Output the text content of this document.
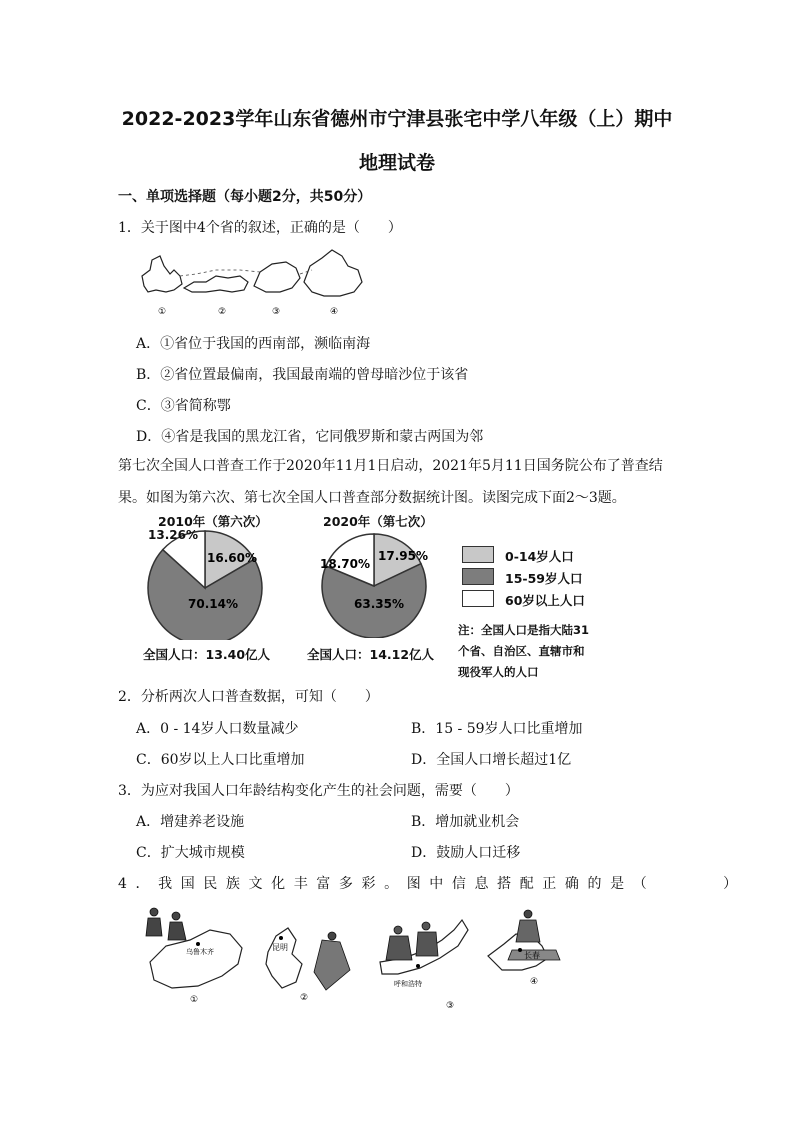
2022-2023学年山东省德州市宁津县张宅中学八年级（上）期中
地理试卷
一、单项选择题（每小题2分，共50分）
1．关于图中4个省的叙述，正确的是（　　）
①	②	③	④
A．①省位于我国的西南部，濒临南海
B．②省位置最偏南，我国最南端的曾母暗沙位于该省
C．③省简称鄂
D．④省是我国的黑龙江省，它同俄罗斯和蒙古两国为邻
第七次全国人口普查工作于2020年11月1日启动，2021年5月11日国务院公布了普查结果。如图为第六次、第七次全国人口普查部分数据统计图。读图完成下面2～3题。
2010年（第六次）	2020年（第七次）
16.60%
70.14%
13.26%
17.95%
18.70%
63.35%
全国人口：13.40亿人	全国人口：14.12亿人
0-14岁人口
15-59岁人口
60岁以上人口
注：全国人口是指大陆31
个省、自治区、直辖市和
现役军人的人口
2．分析两次人口普查数据，可知（　　）
A．0 - 14岁人口数量减少	B．15 - 59岁人口比重增加
C．60岁以上人口比重增加	D．全国人口增长超过1亿
3．为应对我国人口年龄结构变化产生的社会问题，需要（　　）
A．增建养老设施	B．增加就业机会
C．扩大城市规模	D．鼓励人口迁移
4．我国民族文化丰富多彩。图中信息搭配正确的是（　　　）
乌鲁木齐	昆明
呼和浩特
长春
①	②
③
④
